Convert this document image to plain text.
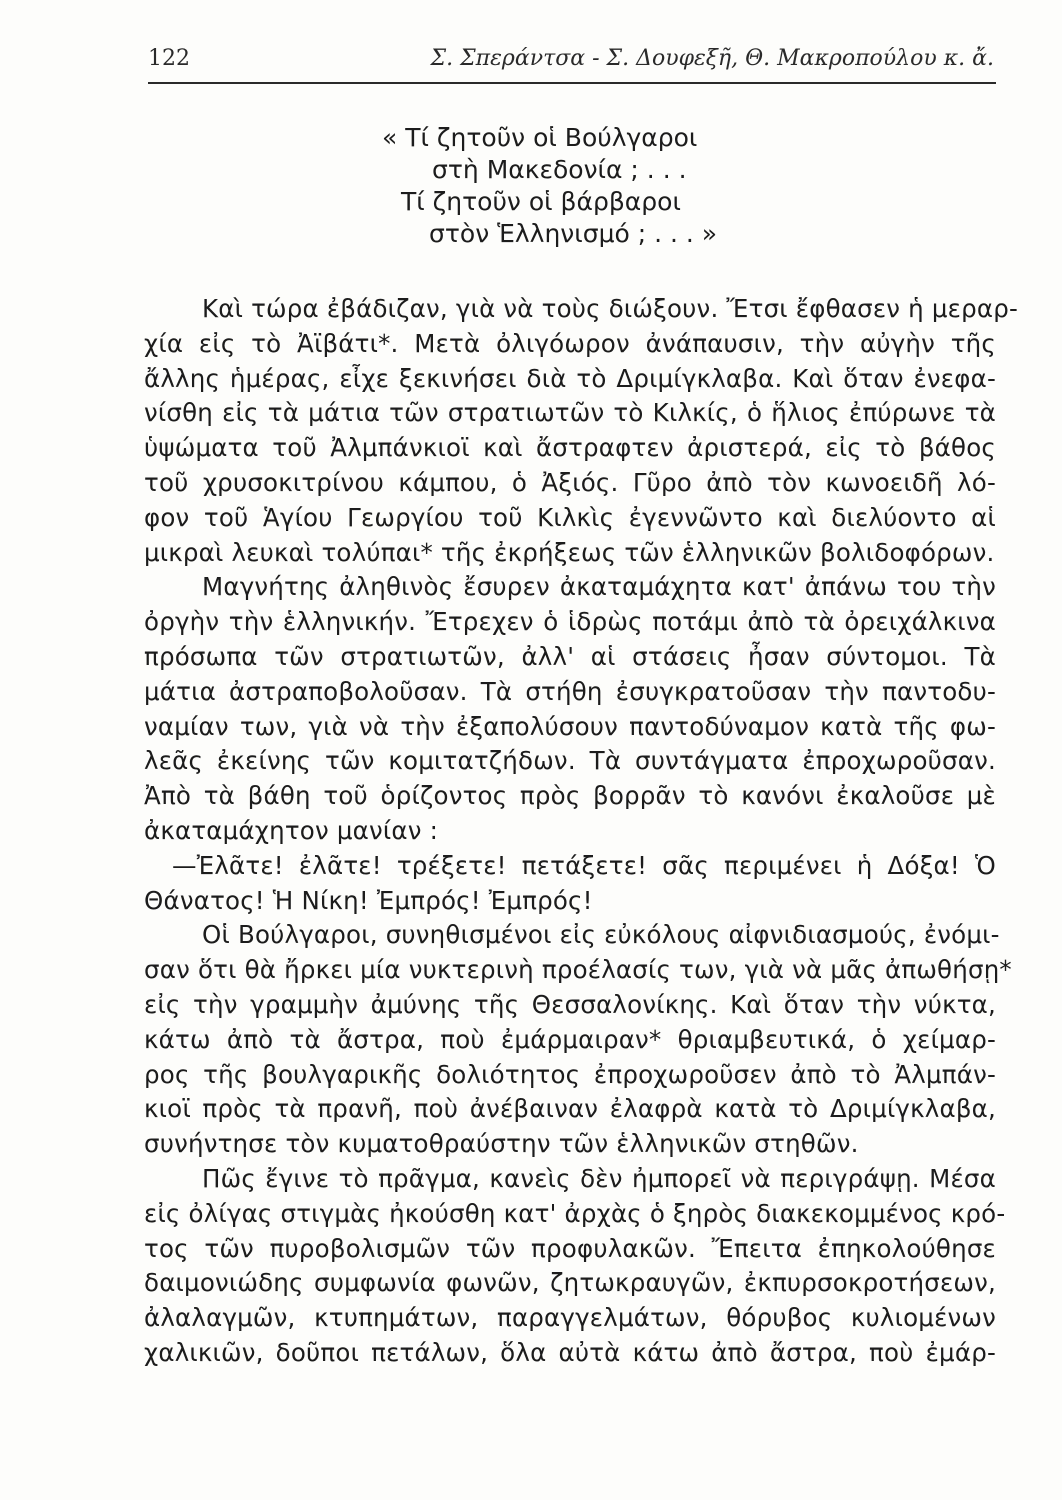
122	Σ. Σπεράντσα - Σ. Δουφεξῆ, Θ. Μακροπούλου κ. ἄ.
« Τί ζητοῦν οἱ Βούλγαροι
στὴ Μακεδονία ; . . .
Τί ζητοῦν οἱ βάρβαροι
στὸν Ἑλληνισμό ; . . . »
Καὶ τώρα ἐβάδιζαν, γιὰ νὰ τοὺς διώξουν. Ἔτσι ἔφθασεν ἡ μεραρ-
χία εἰς τὸ Ἀϊβάτι*. Μετὰ ὀλιγόωρον ἀνάπαυσιν, τὴν αὐγὴν τῆς
ἄλλης ἡμέρας, εἶχε ξεκινήσει διὰ τὸ Δριμίγκλαβα. Καὶ ὅταν ἐνεφα-
νίσθη εἰς τὰ μάτια τῶν στρατιωτῶν τὸ Κιλκίς, ὁ ἥλιος ἐπύρωνε τὰ
ὑψώματα τοῦ Ἀλμπάνκιοϊ καὶ ἄστραφτεν ἀριστερά, εἰς τὸ βάθος
τοῦ χρυσοκιτρίνου κάμπου, ὁ Ἀξιός. Γῦρο ἀπὸ τὸν κωνοειδῆ λό-
φον τοῦ Ἁγίου Γεωργίου τοῦ Κιλκὶς ἐγεννῶντο καὶ διελύοντο αἱ
μικραὶ λευκαὶ τολύπαι* τῆς ἐκρήξεως τῶν ἑλληνικῶν βολιδοφόρων.
Μαγνήτης ἀληθινὸς ἔσυρεν ἀκαταμάχητα κατ' ἀπάνω του τὴν
ὀργὴν τὴν ἑλληνικήν. Ἔτρεχεν ὁ ἱδρὼς ποτάμι ἀπὸ τὰ ὀρειχάλκινα
πρόσωπα τῶν στρατιωτῶν, ἀλλ' αἱ στάσεις ἦσαν σύντομοι. Τὰ
μάτια ἀστραποβολοῦσαν. Τὰ στήθη ἐσυγκρατοῦσαν τὴν παντοδυ-
ναμίαν των, γιὰ νὰ τὴν ἐξαπολύσουν παντοδύναμον κατὰ τῆς φω-
λεᾶς ἐκείνης τῶν κομιτατζήδων. Τὰ συντάγματα ἐπροχωροῦσαν.
Ἀπὸ τὰ βάθη τοῦ ὁρίζοντος πρὸς βορρᾶν τὸ κανόνι ἐκαλοῦσε μὲ
ἀκαταμάχητον μανίαν :
—Ἐλᾶτε! ἐλᾶτε! τρέξετε! πετάξετε! σᾶς περιμένει ἡ Δόξα! Ὁ
Θάνατος! Ἡ Νίκη! Ἐμπρός! Ἐμπρός!
Οἱ Βούλγαροι, συνηθισμένοι εἰς εὐκόλους αἰφνιδιασμούς, ἐνόμι-
σαν ὅτι θὰ ἤρκει μία νυκτερινὴ προέλασίς των, γιὰ νὰ μᾶς ἀπωθήσῃ*
εἰς τὴν γραμμὴν ἀμύνης τῆς Θεσσαλονίκης. Καὶ ὅταν τὴν νύκτα,
κάτω ἀπὸ τὰ ἄστρα, ποὺ ἐμάρμαιραν* θριαμβευτικά, ὁ χείμαρ-
ρος τῆς βουλγαρικῆς δολιότητος ἐπροχωροῦσεν ἀπὸ τὸ Ἀλμπάν-
κιοϊ πρὸς τὰ πρανῆ, ποὺ ἀνέβαιναν ἐλαφρὰ κατὰ τὸ Δριμίγκλαβα,
συνήντησε τὸν κυματοθραύστην τῶν ἑλληνικῶν στηθῶν.
Πῶς ἔγινε τὸ πρᾶγμα, κανεὶς δὲν ἠμπορεῖ νὰ περιγράψῃ. Μέσα
εἰς ὀλίγας στιγμὰς ἠκούσθη κατ' ἀρχὰς ὁ ξηρὸς διακεκομμένος κρό-
τος τῶν πυροβολισμῶν τῶν προφυλακῶν. Ἔπειτα ἐπηκολούθησε
δαιμονιώδης συμφωνία φωνῶν, ζητωκραυγῶν, ἐκπυρσοκροτήσεων,
ἀλαλαγμῶν, κτυπημάτων, παραγγελμάτων, θόρυβος κυλιομένων
χαλικιῶν, δοῦποι πετάλων, ὅλα αὐτὰ κάτω ἀπὸ ἄστρα, ποὺ ἐμάρ-
